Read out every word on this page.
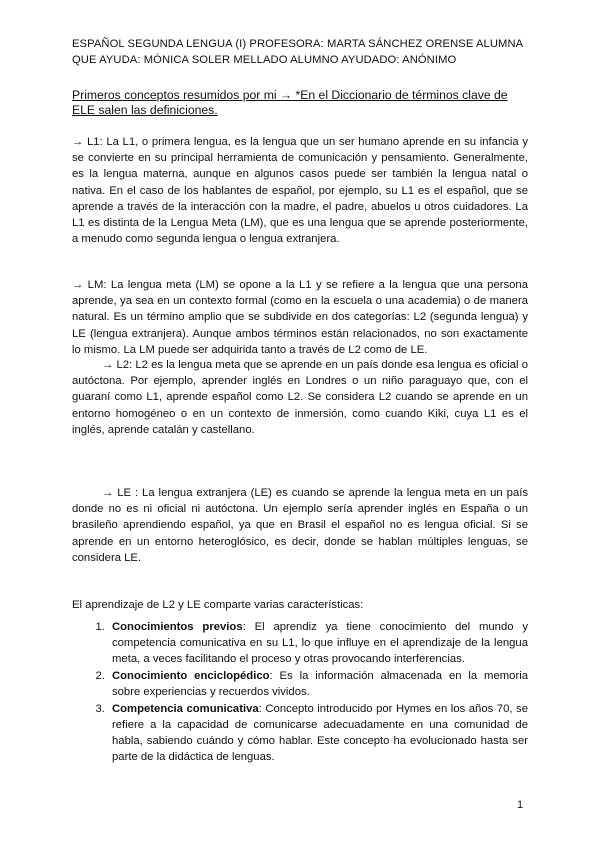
ESPAÑOL SEGUNDA LENGUA (I) PROFESORA: MARTA SÁNCHEZ ORENSE ALUMNA
QUE AYUDA: MÓNICA SOLER MELLADO ALUMNO AYUDADO: ANÓNIMO
Primeros conceptos resumidos por mi → *En el Diccionario de términos clave de ELE salen las definiciones.

→ L1: La L1, o primera lengua, es la lengua que un ser humano aprende en su infancia y se convierte en su principal herramienta de comunicación y pensamiento. Generalmente, es la lengua materna, aunque en algunos casos puede ser también la lengua natal o nativa. En el caso de los hablantes de español, por ejemplo, su L1 es el español, que se aprende a través de la interacción con la madre, el padre, abuelos u otros cuidadores. La L1 es distinta de la Lengua Meta (LM), que es una lengua que se aprende posteriormente, a menudo como segunda lengua o lengua extranjera.

→ LM: La lengua meta (LM) se opone a la L1 y se refiere a la lengua que una persona aprende, ya sea en un contexto formal (como en la escuela o una academia) o de manera natural. Es un término amplio que se subdivide en dos categorías: L2 (segunda lengua) y LE (lengua extranjera). Aunque ambos términos están relacionados, no son exactamente lo mismo. La LM puede ser adquirida tanto a través de L2 como de LE.

→ L2: L2 es la lengua meta que se aprende en un país donde esa lengua es oficial o autóctona. Por ejemplo, aprender inglés en Londres o un niño paraguayo que, con el guaraní como L1, aprende español como L2. Se considera L2 cuando se aprende en un entorno homogéneo o en un contexto de inmersión, como cuando Kiki, cuya L1 es el inglés, aprende catalán y castellano.

→ LE : La lengua extranjera (LE) es cuando se aprende la lengua meta en un país donde no es ni oficial ni autóctona. Un ejemplo sería aprender inglés en España o un brasileño aprendiendo español, ya que en Brasil el español no es lengua oficial. Si se aprende en un entorno heteroglósico, es decir, donde se hablan múltiples lenguas, se considera LE.

El aprendizaje de L2 y LE comparte varias características:
1. Conocimientos previos: El aprendiz ya tiene conocimiento del mundo y competencia comunicativa en su L1, lo que influye en el aprendizaje de la lengua meta, a veces facilitando el proceso y otras provocando interferencias.
2. Conocimiento enciclopédico: Es la información almacenada en la memoria sobre experiencias y recuerdos vividos.
3. Competencia comunicativa: Concepto introducido por Hymes en los años 70, se refiere a la capacidad de comunicarse adecuadamente en una comunidad de habla, sabiendo cuándo y cómo hablar. Este concepto ha evolucionado hasta ser parte de la didáctica de lenguas.
1
